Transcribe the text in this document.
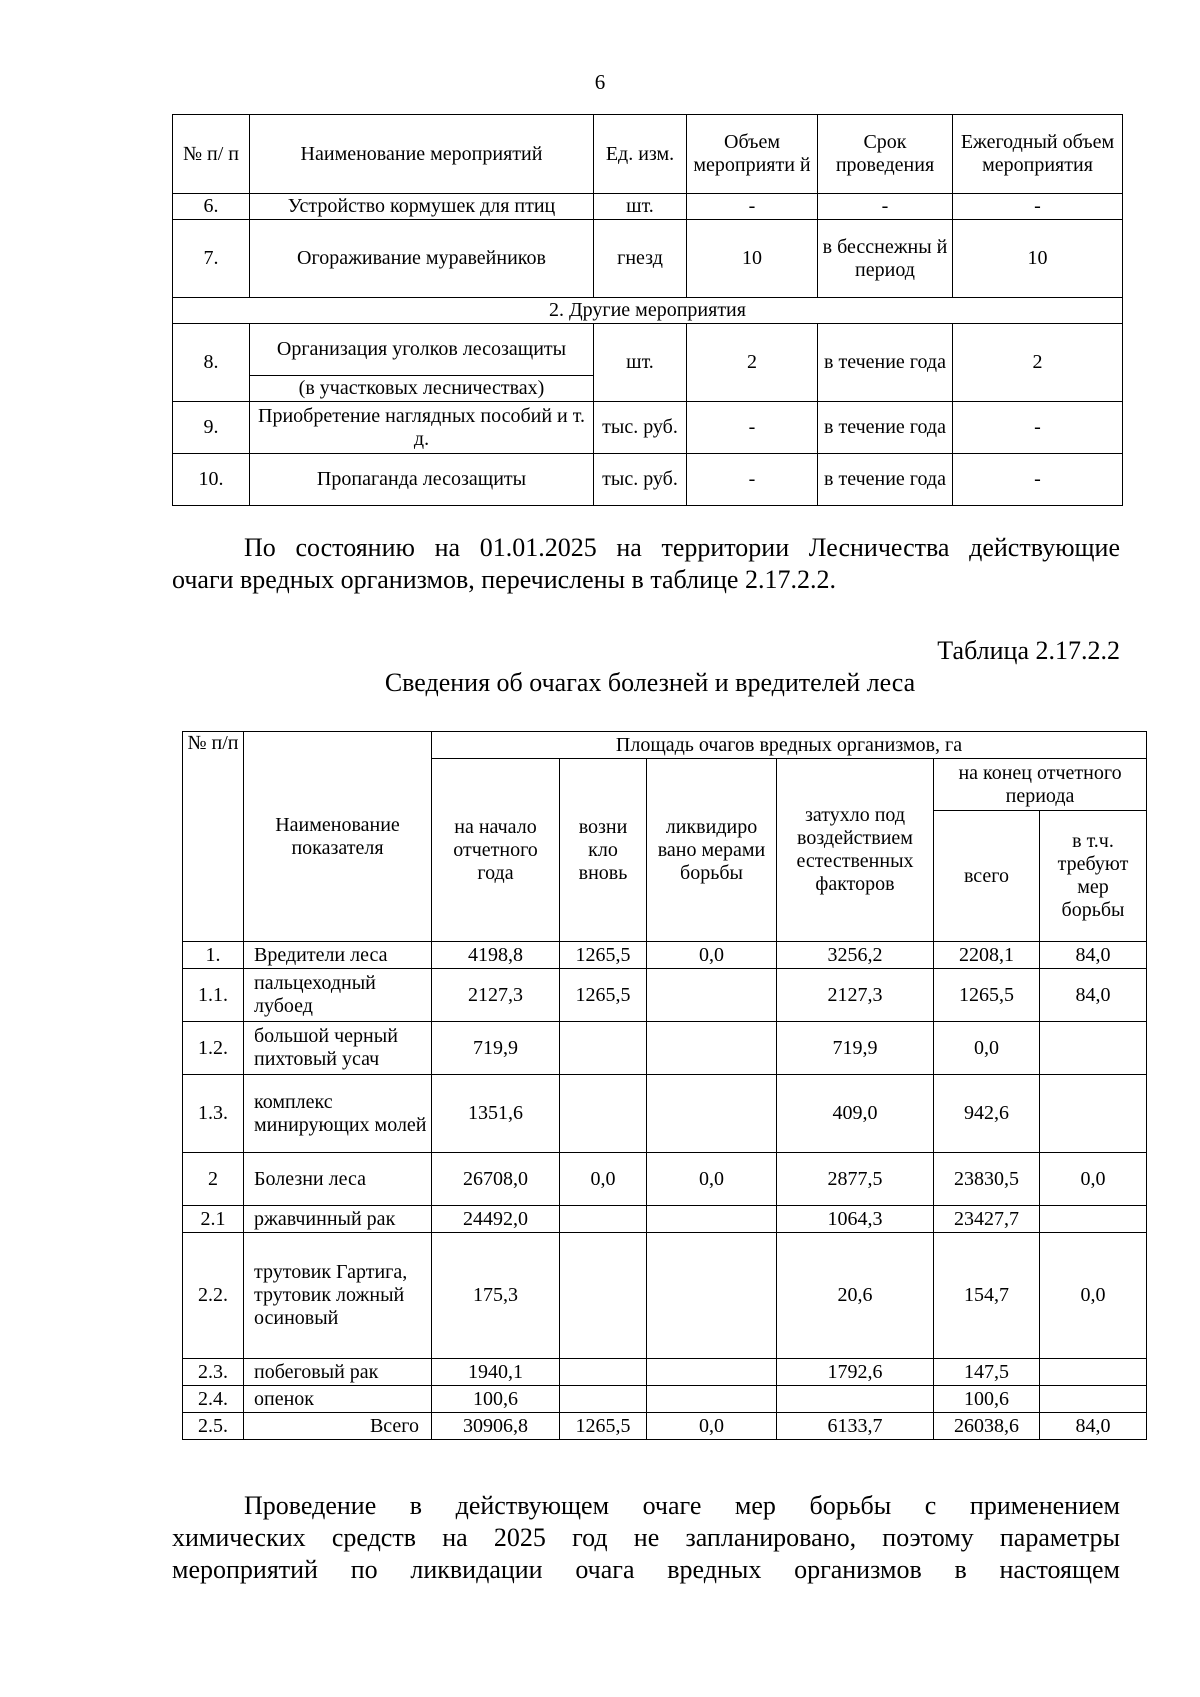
6
№ п/ п	Наименование мероприятий	Ед. изм.	Объем мероприяти й	Срок проведения	Ежегодный объем мероприятия
6.	Устройство кормушек для птиц	шт.	-	-	-
7.	Огораживание муравейников	гнезд	10	в бесснежны й период	10
2. Другие мероприятия					
8.	Организация уголков лесозащиты	шт.	2	в течение года	2
	(в участковых лесничествах)				
9.	Приобретение наглядных пособий и т. д.	тыс. руб.	-	в течение года	-
10.	Пропаганда лесозащиты	тыс. руб.	-	в течение года	-
По состоянию на 01.01.2025 на территории Лесничества действующие
очаги вредных организмов, перечислены в таблице 2.17.2.2.
Таблица 2.17.2.2
Сведения об очагах болезней и вредителей леса
№ п/п	Наименование показателя	Площадь очагов вредных организмов, га					
		на начало отчетного года	возни кло вновь	ликвидиро вано мерами борьбы	затухло под воздействием естественных факторов	на конец отчетного периода	
						всего	в т.ч. требуют мер борьбы
1.	Вредители леса	4198,8	1265,5	0,0	3256,2	2208,1	84,0
1.1.	пальцеходный лубоед	2127,3	1265,5		2127,3	1265,5	84,0
1.2.	большой черный пихтовый усач	719,9			719,9	0,0	
1.3.	комплекс минирующих молей	1351,6			409,0	942,6	
2	Болезни леса	26708,0	0,0	0,0	2877,5	23830,5	0,0
2.1	ржавчинный рак	24492,0			1064,3	23427,7	
2.2.	трутовик Гартига, трутовик ложный осиновый	175,3			20,6	154,7	0,0
2.3.	побеговый рак	1940,1			1792,6	147,5	
2.4.	опенок	100,6				100,6	
2.5.	Всего	30906,8	1265,5	0,0	6133,7	26038,6	84,0
Проведение в действующем очаге мер борьбы с применением
химических средств на 2025 год не запланировано, поэтому параметры
мероприятий по ликвидации очага вредных организмов в настоящем
